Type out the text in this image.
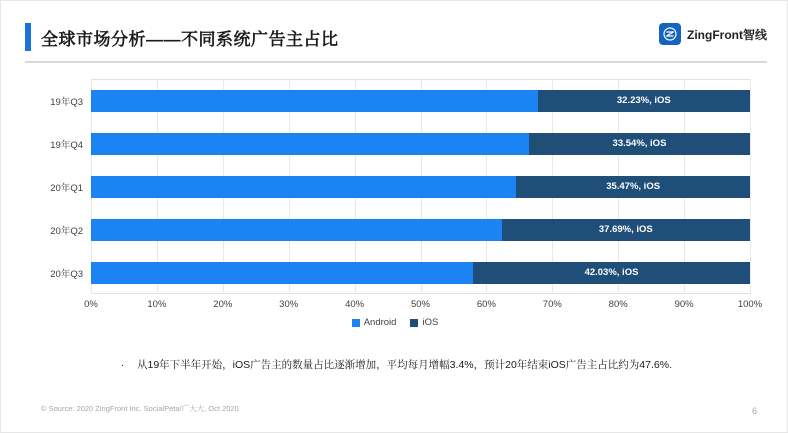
全球市场分析——不同系统广告主占比	ZingFront智线
32.23%, iOS
33.54%, iOS
35.47%, iOS
37.69%, iOS
42.03%, iOS
19年Q3
19年Q4
20年Q1
20年Q2
20年Q3
0%	10%	20%	30%	40%	50%	60%	70%	80%	90%	100%
Android	iOS
. 从19年下半年开始，iOS广告主的数量占比逐渐增加，平均每月增幅3.4%，预计20年结束iOS广告主占比约为47.6%.
© Source: 2020 ZingFront Inc. SocialPeta/广大大, Oct 2020	6
